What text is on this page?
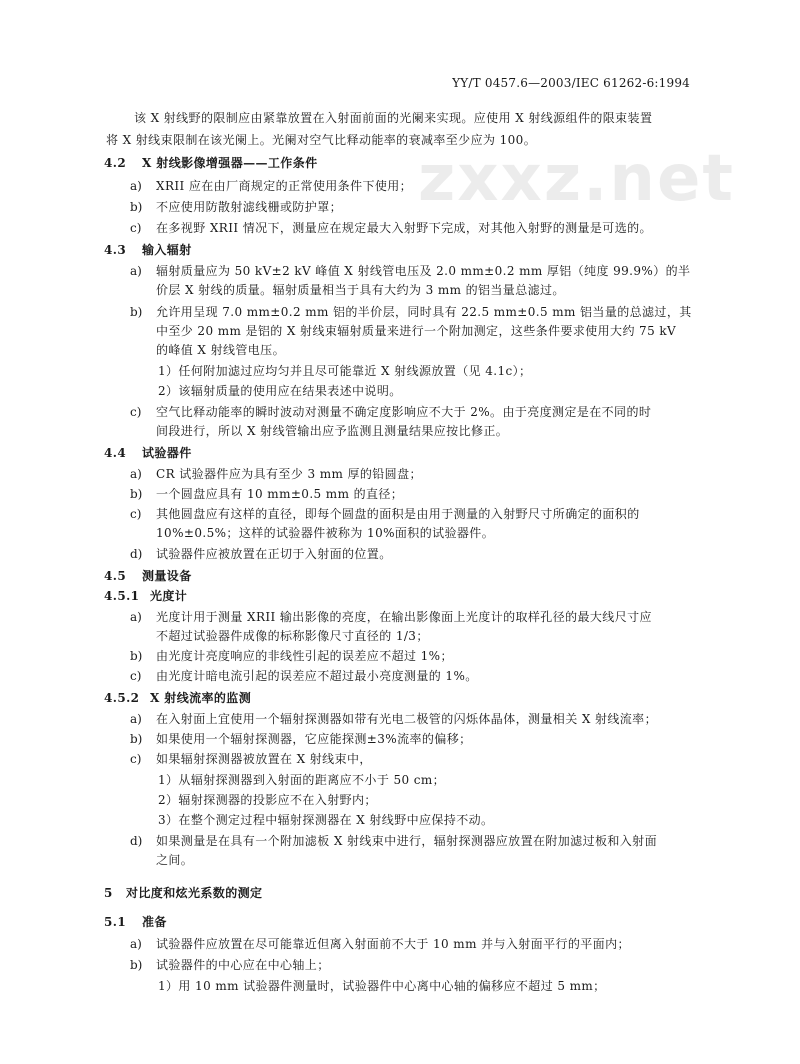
YY/T 0457.6—2003/IEC 61262-6:1994
zxxz.net
该 X 射线野的限制应由紧靠放置在入射面前面的光阑来实现。应使用 X 射线源组件的限束装置
将 X 射线束限制在该光阑上。光阑对空气比释动能率的衰减率至少应为 100。
4.2 X 射线影像增强器——工作条件
a) XRII 应在由厂商规定的正常使用条件下使用；
b) 不应使用防散射滤线栅或防护罩；
c) 在多视野 XRII 情况下，测量应在规定最大入射野下完成，对其他入射野的测量是可选的。
4.3 输入辐射
a) 辐射质量应为 50 kV±2 kV 峰值 X 射线管电压及 2.0 mm±0.2 mm 厚铝（纯度 99.9%）的半
价层 X 射线的质量。辐射质量相当于具有大约为 3 mm 的铝当量总滤过。
b) 允许用呈现 7.0 mm±0.2 mm 铝的半价层，同时具有 22.5 mm±0.5 mm 铝当量的总滤过，其
中至少 20 mm 是铝的 X 射线束辐射质量来进行一个附加测定，这些条件要求使用大约 75 kV
的峰值 X 射线管电压。
1）任何附加滤过应均匀并且尽可能靠近 X 射线源放置（见 4.1c）；
2）该辐射质量的使用应在结果表述中说明。
c) 空气比释动能率的瞬时波动对测量不确定度影响应不大于 2%。由于亮度测定是在不同的时
间段进行，所以 X 射线管输出应予监测且测量结果应按比修正。
4.4 试验器件
a) CR 试验器件应为具有至少 3 mm 厚的铅圆盘；
b) 一个圆盘应具有 10 mm±0.5 mm 的直径；
c) 其他圆盘应有这样的直径，即每个圆盘的面积是由用于测量的入射野尺寸所确定的面积的
10%±0.5%；这样的试验器件被称为 10%面积的试验器件。
d) 试验器件应被放置在正切于入射面的位置。
4.5 测量设备
4.5.1 光度计
a) 光度计用于测量 XRII 输出影像的亮度，在输出影像面上光度计的取样孔径的最大线尺寸应
不超过试验器件成像的标称影像尺寸直径的 1/3；
b) 由光度计亮度响应的非线性引起的误差应不超过 1%；
c) 由光度计暗电流引起的误差应不超过最小亮度测量的 1%。
4.5.2 X 射线流率的监测
a) 在入射面上宜使用一个辐射探测器如带有光电二极管的闪烁体晶体，测量相关 X 射线流率；
b) 如果使用一个辐射探测器，它应能探测±3%流率的偏移；
c) 如果辐射探测器被放置在 X 射线束中，
1）从辐射探测器到入射面的距离应不小于 50 cm；
2）辐射探测器的投影应不在入射野内；
3）在整个测定过程中辐射探测器在 X 射线野中应保持不动。
d) 如果测量是在具有一个附加滤板 X 射线束中进行，辐射探测器应放置在附加滤过板和入射面
之间。
5 对比度和炫光系数的测定
5.1 准备
a) 试验器件应放置在尽可能靠近但离入射面前不大于 10 mm 并与入射面平行的平面内；
b) 试验器件的中心应在中心轴上；
1）用 10 mm 试验器件测量时，试验器件中心离中心轴的偏移应不超过 5 mm；
